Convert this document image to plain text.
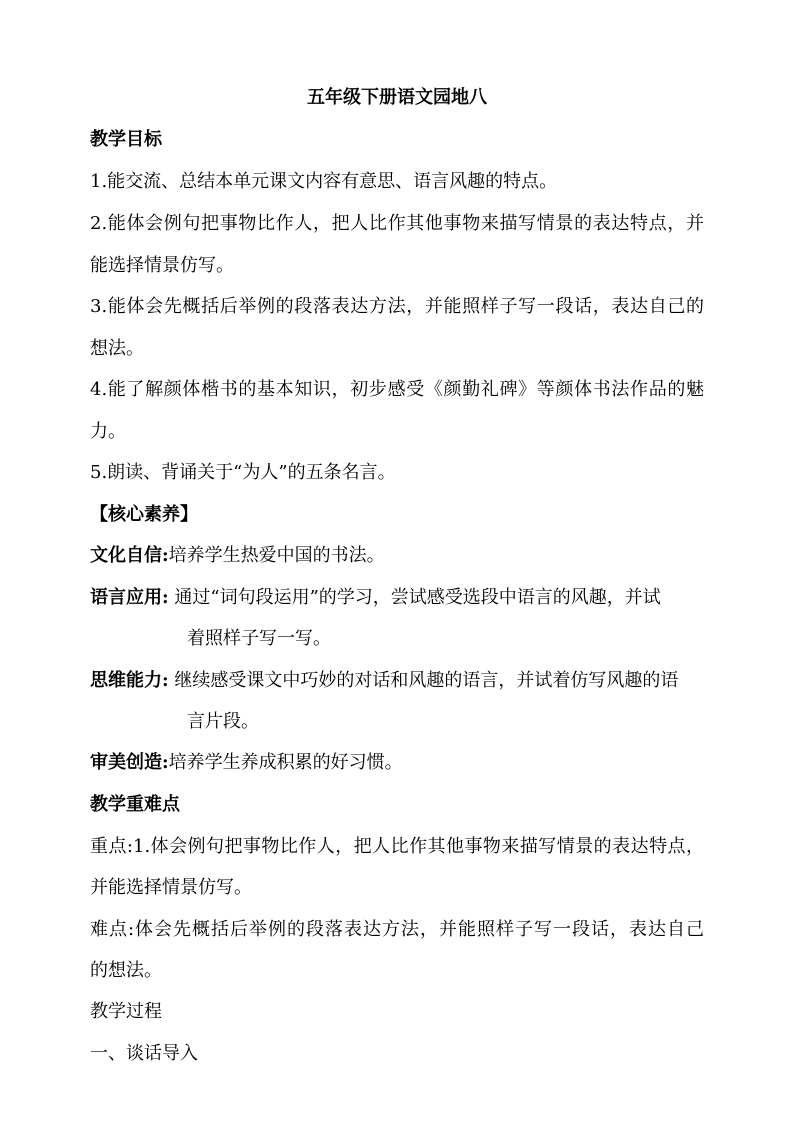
五年级下册语文园地八
教学目标
1.能交流、总结本单元课文内容有意思、语言风趣的特点。
2.能体会例句把事物比作人，把人比作其他事物来描写情景的表达特点，并
能选择情景仿写。
3.能体会先概括后举例的段落表达方法，并能照样子写一段话，表达自己的
想法。
4.能了解颜体楷书的基本知识，初步感受《颜勤礼碑》等颜体书法作品的魅
力。
5.朗读、背诵关于“为人”的五条名言。
【核心素养】
文化自信:培养学生热爱中国的书法。
语言应用: 通过“词句段运用”的学习，尝试感受选段中语言的风趣，并试
着照样子写一写。
思维能力: 继续感受课文中巧妙的对话和风趣的语言，并试着仿写风趣的语
言片段。
审美创造:培养学生养成积累的好习惯。
教学重难点
重点:1.体会例句把事物比作人，把人比作其他事物来描写情景的表达特点，
并能选择情景仿写。
难点:体会先概括后举例的段落表达方法，并能照样子写一段话，表达自己
的想法。
教学过程
一、谈话导入
